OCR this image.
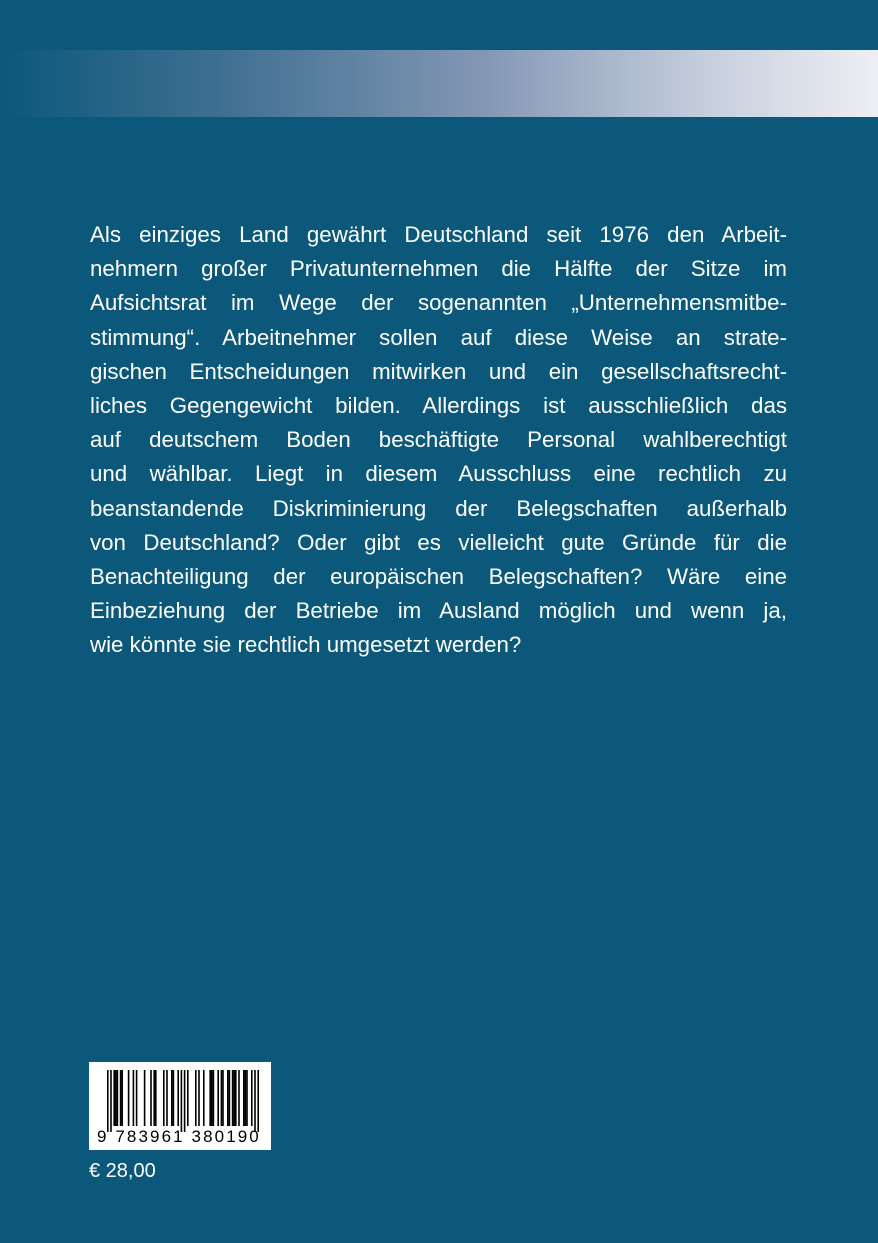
Als einziges Land gewährt Deutschland seit 1976 den Arbeit-
nehmern großer Privatunternehmen die Hälfte der Sitze im
Aufsichtsrat im Wege der sogenannten „Unternehmensmitbe-
stimmung“. Arbeitnehmer sollen auf diese Weise an strate-
gischen Entscheidungen mitwirken und ein gesellschaftsrecht-
liches Gegengewicht bilden. Allerdings ist ausschließlich das
auf deutschem Boden beschäftigte Personal wahlberechtigt
und wählbar. Liegt in diesem Ausschluss eine rechtlich zu
beanstandende Diskriminierung der Belegschaften außerhalb
von Deutschland? Oder gibt es vielleicht gute Gründe für die
Benachteiligung der europäischen Belegschaften? Wäre eine
Einbeziehung der Betriebe im Ausland möglich und wenn ja,
wie könnte sie rechtlich umgesetzt werden?
9 783961 380190
€ 28,00
